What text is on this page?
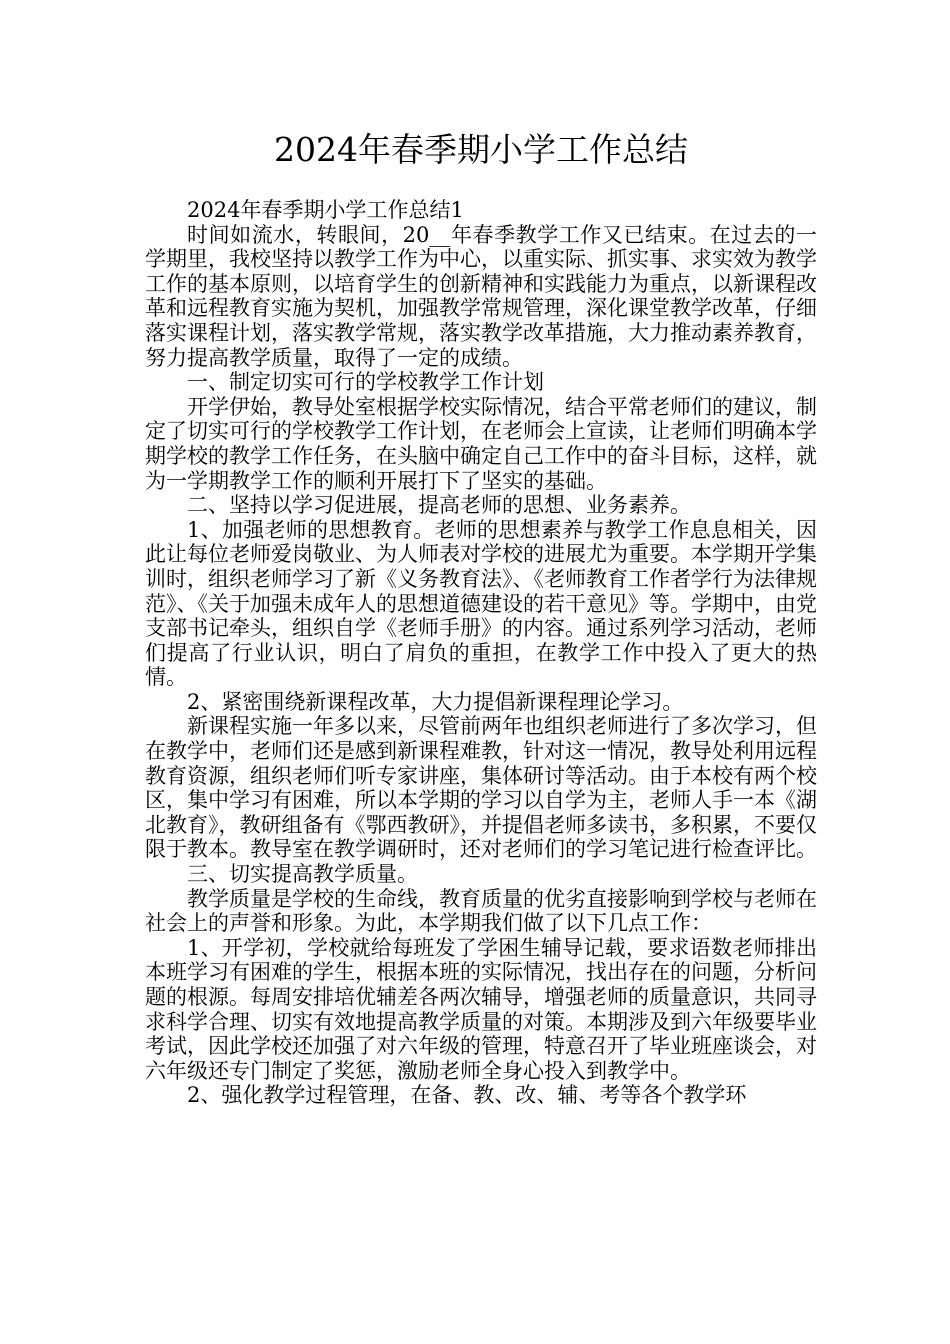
2024年春季期小学工作总结

2024年春季期小学工作总结1

时间如流水，转眼间，20__年春季教学工作又已结束。在过去的一学期里，我校坚持以教学工作为中心，以重实际、抓实事、求实效为教学工作的基本原则，以培育学生的创新精神和实践能力为重点，以新课程改革和远程教育实施为契机，加强教学常规管理，深化课堂教学改革，仔细落实课程计划，落实教学常规，落实教学改革措施，大力推动素养教育，努力提高教学质量，取得了一定的成绩。

一、制定切实可行的学校教学工作计划

开学伊始，教导处室根据学校实际情况，结合平常老师们的建议，制定了切实可行的学校教学工作计划，在老师会上宣读，让老师们明确本学期学校的教学工作任务，在头脑中确定自己工作中的奋斗目标，这样，就为一学期教学工作的顺利开展打下了坚实的基础。

二、坚持以学习促进展，提高老师的思想、业务素养。

1、加强老师的思想教育。老师的思想素养与教学工作息息相关，因此让每位老师爱岗敬业、为人师表对学校的进展尤为重要。本学期开学集训时，组织老师学习了新《义务教育法》、《老师教育工作者学行为法律规范》、《关于加强未成年人的思想道德建设的若干意见》等。学期中，由党支部书记牵头，组织自学《老师手册》的内容。通过系列学习活动，老师们提高了行业认识，明白了肩负的重担，在教学工作中投入了更大的热情。

2、紧密围绕新课程改革，大力提倡新课程理论学习。

新课程实施一年多以来，尽管前两年也组织老师进行了多次学习，但在教学中，老师们还是感到新课程难教，针对这一情况，教导处利用远程教育资源，组织老师们听专家讲座，集体研讨等活动。由于本校有两个校区，集中学习有困难，所以本学期的学习以自学为主，老师人手一本《湖北教育》，教研组备有《鄂西教研》，并提倡老师多读书，多积累，不要仅限于教本。教导室在教学调研时，还对老师们的学习笔记进行检查评比。

三、切实提高教学质量。

教学质量是学校的生命线，教育质量的优劣直接影响到学校与老师在社会上的声誉和形象。为此，本学期我们做了以下几点工作：

1、开学初，学校就给每班发了学困生辅导记载，要求语数老师排出本班学习有困难的学生，根据本班的实际情况，找出存在的问题，分析问题的根源。每周安排培优辅差各两次辅导，增强老师的质量意识，共同寻求科学合理、切实有效地提高教学质量的对策。本期涉及到六年级要毕业考试，因此学校还加强了对六年级的管理，特意召开了毕业班座谈会，对六年级还专门制定了奖惩，激励老师全身心投入到教学中。

2、强化教学过程管理，在备、教、改、辅、考等各个教学环
